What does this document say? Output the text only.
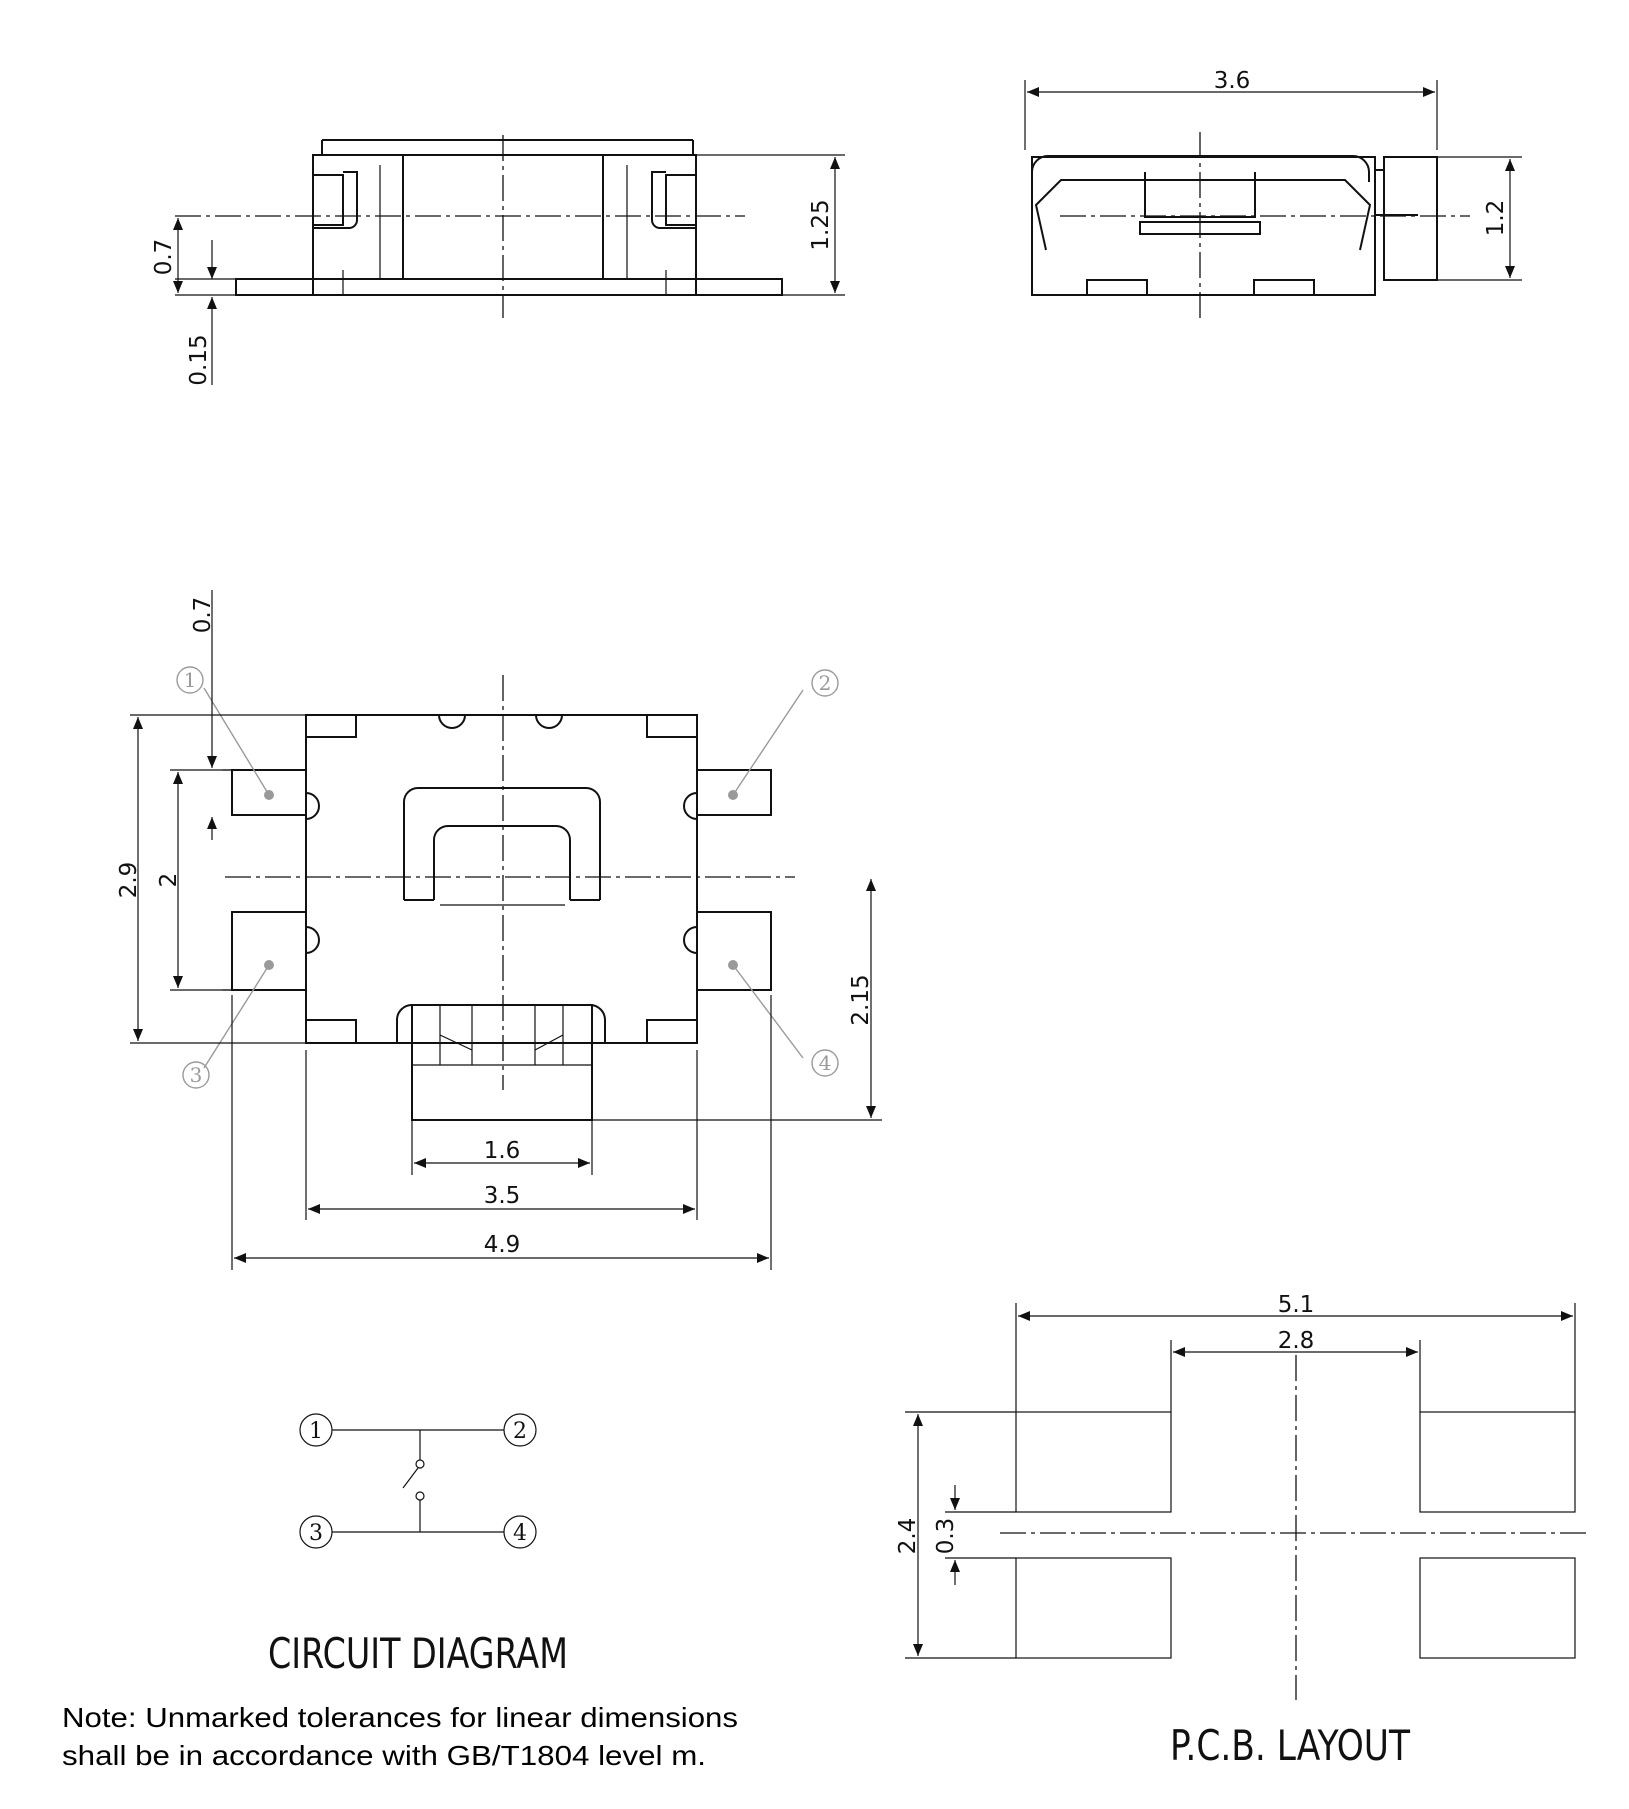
1.25
0.7
0.15
3.6
1.2
1	2
3	4
0.7
2.9 2
2.15
1.6
3.5
4.9
1	2
3	4
CIRCUIT DIAGRAM
5.1
2.8
2.4 0.3
P.C.B. LAYOUT
Note: Unmarked tolerances for linear dimensions
shall be in accordance with GB/T1804 level m.
